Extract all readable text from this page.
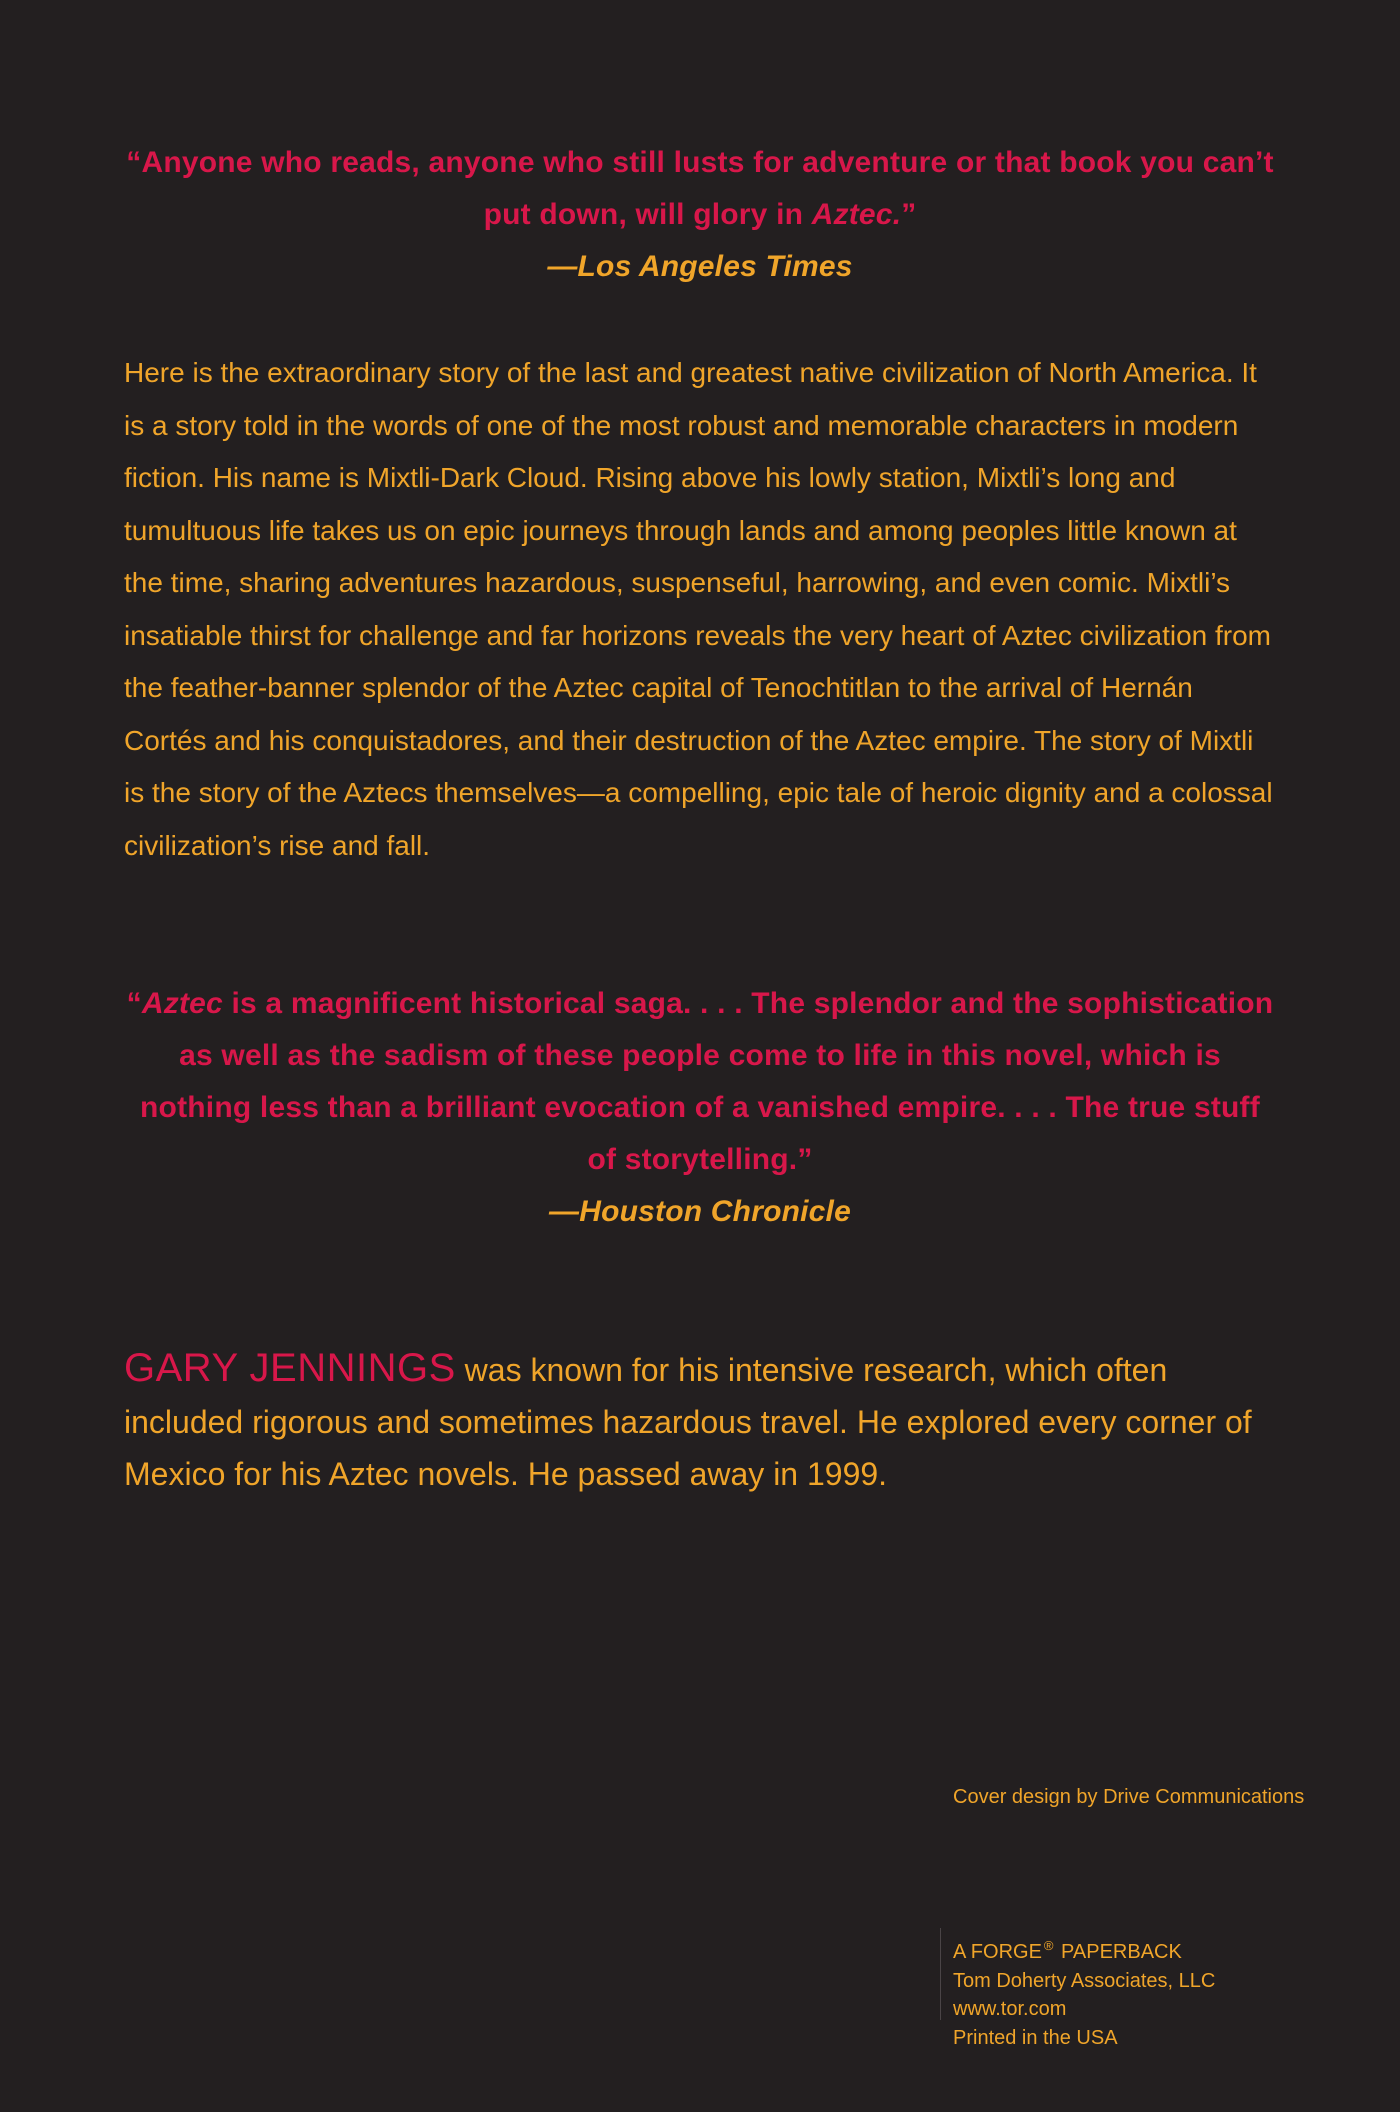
“Anyone who reads, anyone who still lusts for adventure or that book you can’t put down, will glory in Aztec.”
—Los Angeles Times
Here is the extraordinary story of the last and greatest native civilization of North America. It is a story told in the words of one of the most robust and memorable characters in modern fiction. His name is Mixtli-Dark Cloud. Rising above his lowly station, Mixtli’s long and tumultuous life takes us on epic journeys through lands and among peoples little known at the time, sharing adventures hazardous, suspenseful, harrowing, and even comic. Mixtli’s insatiable thirst for challenge and far horizons reveals the very heart of Aztec civilization from the feather-banner splendor of the Aztec capital of Tenochtitlan to the arrival of Hernán Cortés and his conquistadores, and their destruction of the Aztec empire. The story of Mixtli is the story of the Aztecs themselves—a compelling, epic tale of heroic dignity and a colossal civilization’s rise and fall.
“Aztec is a magnificent historical saga. . . . The splendor and the sophistication as well as the sadism of these people come to life in this novel, which is nothing less than a brilliant evocation of a vanished empire. . . . The true stuff of storytelling.”
—Houston Chronicle
GARY JENNINGS was known for his intensive research, which often included rigorous and sometimes hazardous travel. He explored every corner of Mexico for his Aztec novels. He passed away in 1999.
Cover design by Drive Communications
A FORGE ® PAPERBACK
Tom Doherty Associates, LLC
www.tor.com
Printed in the USA
